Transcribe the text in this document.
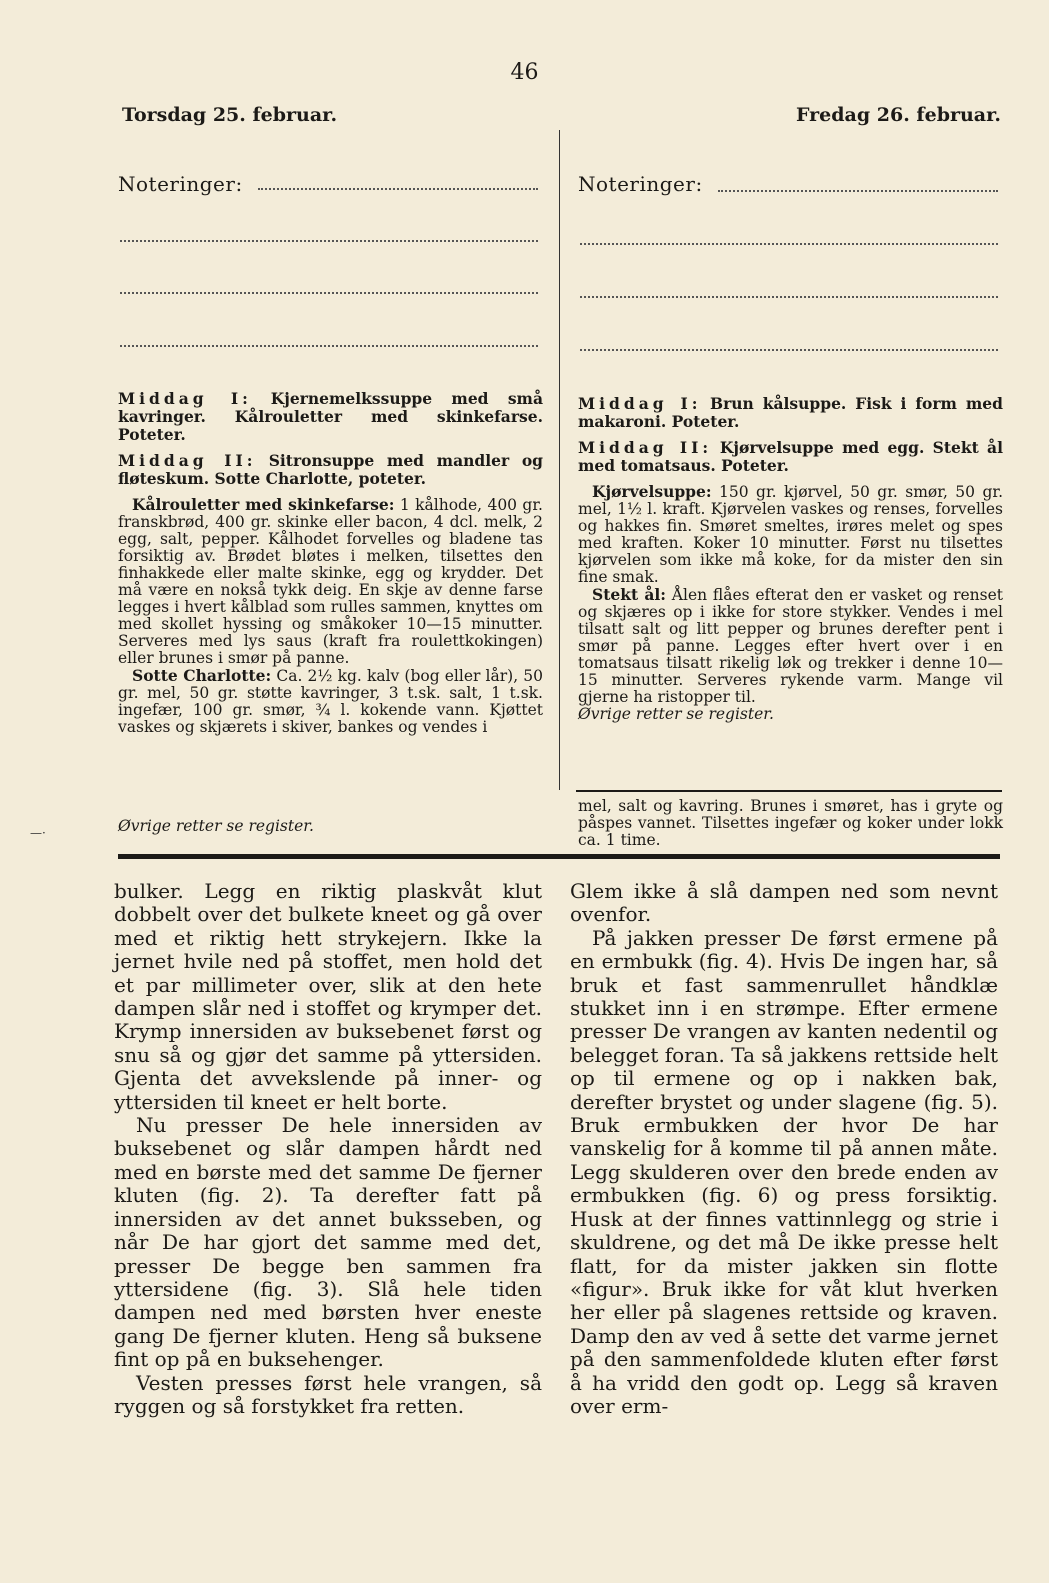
46
Torsdag 25. februar.	Fredag 26. februar.
Noteringer:	Noteringer:

Middag I: Kjernemelkssuppe med små kavringer. Kålrouletter med skinkefarse. Poteter.

Middag II: Sitronsuppe med mandler og fløteskum. Sotte Charlotte, poteter.

Kålrouletter med skinkefarse: 1 kålhode, 400 gr. franskbrød, 400 gr. skinke eller bacon, 4 dcl. melk, 2 egg, salt, pepper. Kålhodet forvelles og bladene tas forsiktig av. Brødet bløtes i melken, tilsettes den finhakkede eller malte skinke, egg og krydder. Det må være en nokså tykk deig. En skje av denne farse legges i hvert kålblad som rulles sammen, knyttes om med skollet hyssing og småkoker 10—15 minutter. Serveres med lys saus (kraft fra roulettkokingen) eller brunes i smør på panne.

Sotte Charlotte: Ca. 2½ kg. kalv (bog eller lår), 50 gr. mel, 50 gr. støtte kavringer, 3 t.sk. salt, 1 t.sk. ingefær, 100 gr. smør, ¾ l. kokende vann. Kjøttet vaskes og skjærets i skiver, bankes og vendes i

Øvrige retter se register.

Middag I: Brun kålsuppe. Fisk i form med makaroni. Poteter.

Middag II: Kjørvelsuppe med egg. Stekt ål med tomatsaus. Poteter.

Kjørvelsuppe: 150 gr. kjørvel, 50 gr. smør, 50 gr. mel, 1½ l. kraft. Kjørvelen vaskes og renses, forvelles og hakkes fin. Smøret smeltes, irøres melet og spes med kraften. Koker 10 minutter. Først nu tilsettes kjørvelen som ikke må koke, for da mister den sin fine smak.

Stekt ål: Ålen flåes efterat den er vasket og renset og skjæres op i ikke for store stykker. Vendes i mel tilsatt salt og litt pepper og brunes derefter pent i smør på panne. Legges efter hvert over i en tomatsaus tilsatt rikelig løk og trekker i denne 10—15 minutter. Serveres rykende varm. Mange vil gjerne ha ristopper til.

Øvrige retter se register.

mel, salt og kavring. Brunes i smøret, has i gryte og påspes vannet. Tilsettes ingefær og koker under lokk ca. 1 time.

—·

bulker. Legg en riktig plaskvåt klut dobbelt over det bulkete kneet og gå over med et riktig hett strykejern. Ikke la jernet hvile ned på stoffet, men hold det et par millimeter over, slik at den hete dampen slår ned i stoffet og krymper det. Krymp innersiden av buksebenet først og snu så og gjør det samme på yttersiden. Gjenta det avvekslende på inner- og yttersiden til kneet er helt borte.

Nu presser De hele innersiden av buksebenet og slår dampen hårdt ned med en børste med det samme De fjerner kluten (fig. 2). Ta derefter fatt på innersiden av det annet buksseben, og når De har gjort det samme med det, presser De begge ben sammen fra yttersidene (fig. 3). Slå hele tiden dampen ned med børsten hver eneste gang De fjerner kluten. Heng så buksene fint op på en buksehenger.

Vesten presses først hele vrangen, så ryggen og så forstykket fra retten.

Glem ikke å slå dampen ned som nevnt ovenfor.

På jakken presser De først ermene på en ermbukk (fig. 4). Hvis De ingen har, så bruk et fast sammenrullet håndklæ stukket inn i en strømpe. Efter ermene presser De vrangen av kanten nedentil og belegget foran. Ta så jakkens rettside helt op til ermene og op i nakken bak, derefter brystet og under slagene (fig. 5). Bruk ermbukken der hvor De har vanskelig for å komme til på annen måte. Legg skulderen over den brede enden av ermbukken (fig. 6) og press forsiktig. Husk at der finnes vattinnlegg og strie i skuldrene, og det må De ikke presse helt flatt, for da mister jakken sin flotte «figur». Bruk ikke for våt klut hverken her eller på slagenes rettside og kraven. Damp den av ved å sette det varme jernet på den sammenfoldede kluten efter først å ha vridd den godt op. Legg så kraven over erm-
